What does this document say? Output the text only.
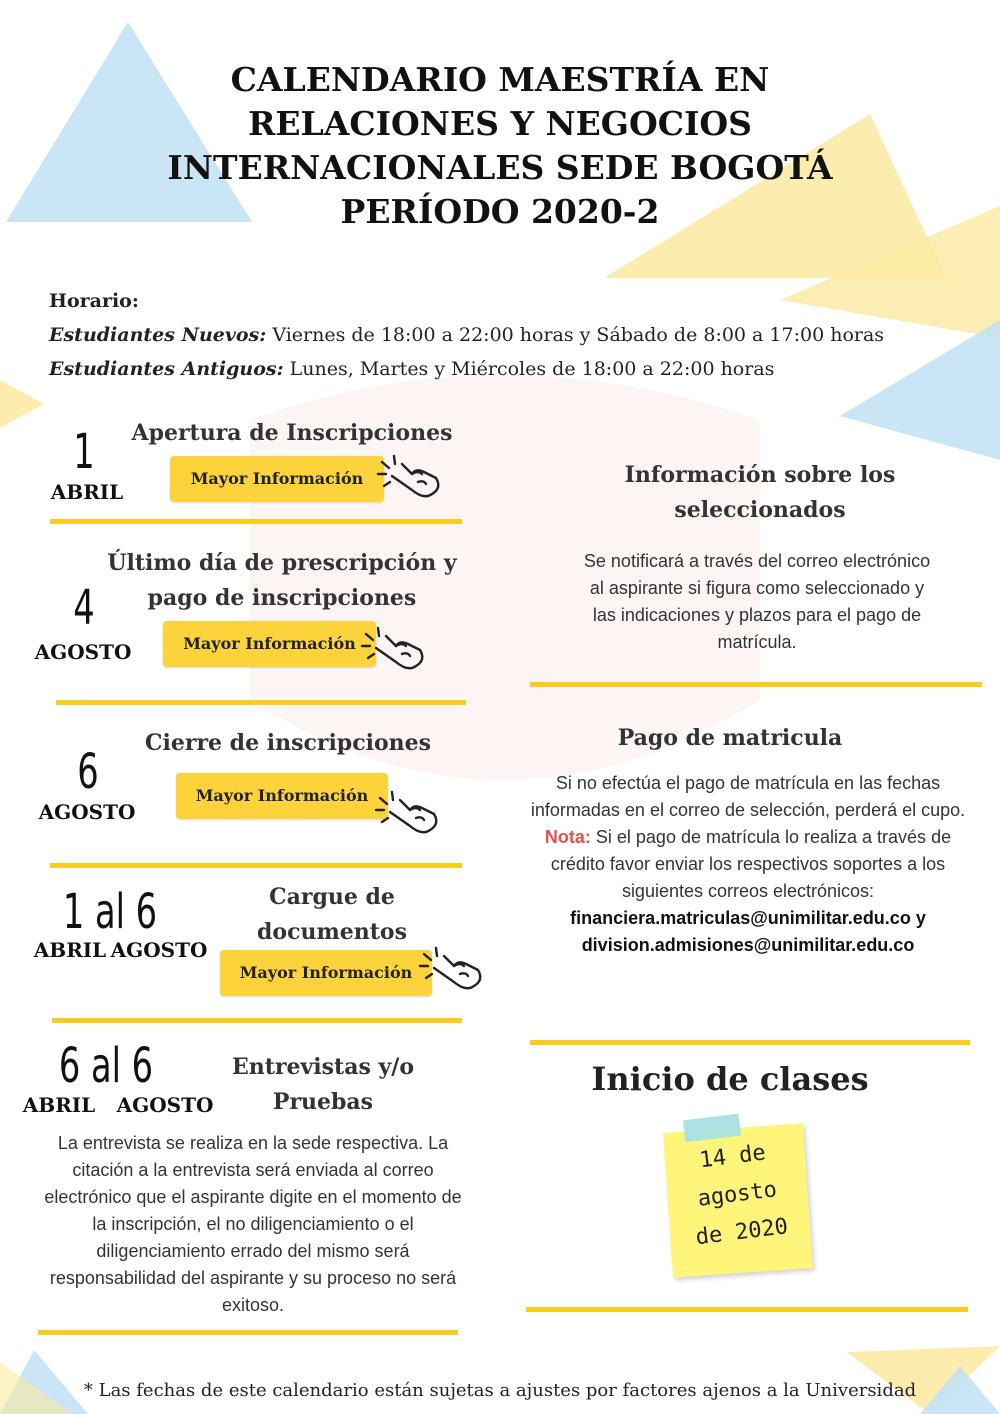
CALENDARIO MAESTRÍA EN
RELACIONES Y NEGOCIOS
INTERNACIONALES SEDE BOGOTÁ
PERÍODO 2020-2
Horario:
Estudiantes Nuevos: Viernes de 18:00 a 22:00 horas y Sábado de 8:00 a 17:00 horas
Estudiantes Antiguos: Lunes, Martes y Miércoles de 18:00 a 22:00 horas
1
ABRIL
Apertura de Inscripciones
Mayor Información
4
AGOSTO
Último día de prescripción y
pago de inscripciones
Mayor Información
6
AGOSTO
Cierre de inscripciones
Mayor Información
1 al 6
ABRIL AGOSTO
Cargue de
documentos
Mayor Información
6 al 6
ABRIL	AGOSTO
Entrevistas y/o
Pruebas
La entrevista se realiza en la sede respectiva. La citación a la entrevista será enviada al correo electrónico que el aspirante digite en el momento de la inscripción, el no diligenciamiento o el diligenciamiento errado del mismo será responsabilidad del aspirante y su proceso no será exitoso.
Información sobre los seleccionados
Se notificará a través del correo electrónico al aspirante si figura como seleccionado y las indicaciones y plazos para el pago de matrícula.
Pago de matricula
Si no efectúa el pago de matrícula en las fechas informadas en el correo de selección, perderá el cupo.
Nota: Si el pago de matrícula lo realiza a través de crédito favor enviar los respectivos soportes a los siguientes correos electrónicos:
financiera.matriculas@unimilitar.edu.co y
division.admisiones@unimilitar.edu.co
Inicio de clases
14 de
agosto
de 2020
* Las fechas de este calendario están sujetas a ajustes por factores ajenos a la Universidad
